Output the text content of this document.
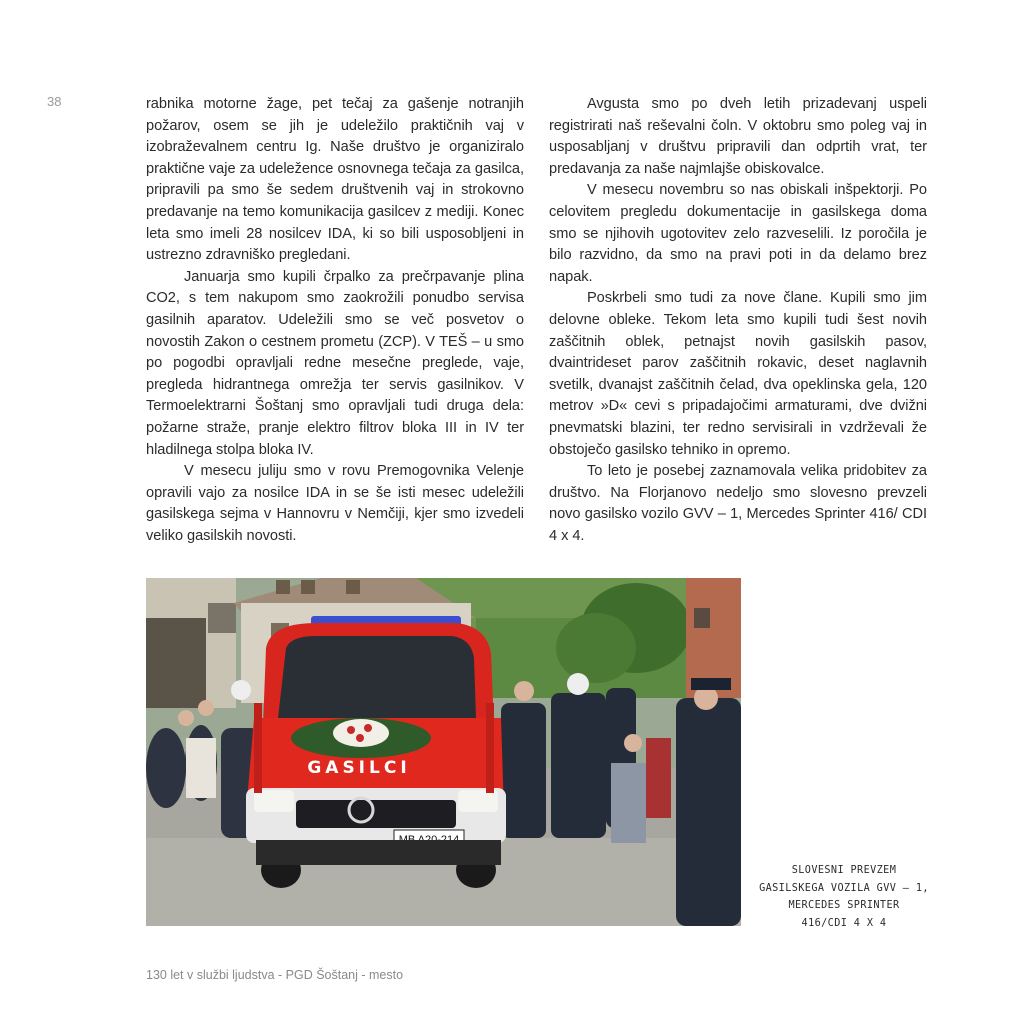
38	rabnika motorne žage, pet tečaj za gašenje notranjih požarov, osem se jih je udeležilo praktičnih vaj v izobraževalnem centru Ig. Naše društvo je organiziralo praktične vaje za udeležence osnovnega tečaja za gasilca, pripravili pa smo še sedem društvenih vaj in strokovno predavanje na temo komunikacija gasilcev z mediji. Konec leta smo imeli 28 nosilcev IDA, ki so bili usposobljeni in ustrezno zdravniško pregledani.

Januarja smo kupili črpalko za prečrpavanje plina CO2, s tem nakupom smo zaokrožili ponudbo servisa gasilnih aparatov. Udeležili smo se več posvetov o novostih Zakon o cestnem prometu (ZCP). V TEŠ – u smo po pogodbi opravljali redne mesečne preglede, vaje, pregleda hidrantnega omrežja ter servis gasilnikov. V Termoelektrarni Šoštanj smo opravljali tudi druga dela: požarne straže, pranje elektro filtrov bloka III in IV ter hladilnega stolpa bloka IV.

V mesecu juliju smo v rovu Premogovnika Velenje opravili vajo za nosilce IDA in se še isti mesec udeležili gasilskega sejma v Hannovru v Nemčiji, kjer smo izvedeli veliko gasilskih novosti.

Avgusta smo po dveh letih prizadevanj uspeli registrirati naš reševalni čoln. V oktobru smo poleg vaj in usposabljanj v društvu pripravili dan odprtih vrat, ter predavanja za naše najmlajše obiskovalce.

V mesecu novembru so nas obiskali inšpektorji. Po celovitem pregledu dokumentacije in gasilskega doma smo se njihovih ugotovitev zelo razveselili. Iz poročila je bilo razvidno, da smo na pravi poti in da delamo brez napak.

Poskrbeli smo tudi za nove člane. Kupili smo jim delovne obleke. Tekom leta smo kupili tudi šest novih zaščitnih oblek, petnajst novih gasilskih pasov, dvaintrideset parov zaščitnih rokavic, deset naglavnih svetilk, dvanajst zaščitnih čelad, dva opeklinska gela, 120 metrov »D« cevi s pripadajočimi armaturami, dve dvižni pnevmatski blazini, ter redno servisirali in vzdrževali že obstoječo gasilsko tehniko in opremo.

To leto je posebej zaznamovala velika pridobitev za društvo. Na Florjanovo nedeljo smo slovesno prevzeli novo gasilsko vozilo GVV – 1, Mercedes Sprinter 416/ CDI 4 x 4.

GASILCI
SLOVESNI PREVZEM
GASILSKEGA VOZILA GVV – 1,
MERCEDES SPRINTER
416/CDI 4 X 4
130 let v službi ljudstva - PGD Šoštanj - mesto
